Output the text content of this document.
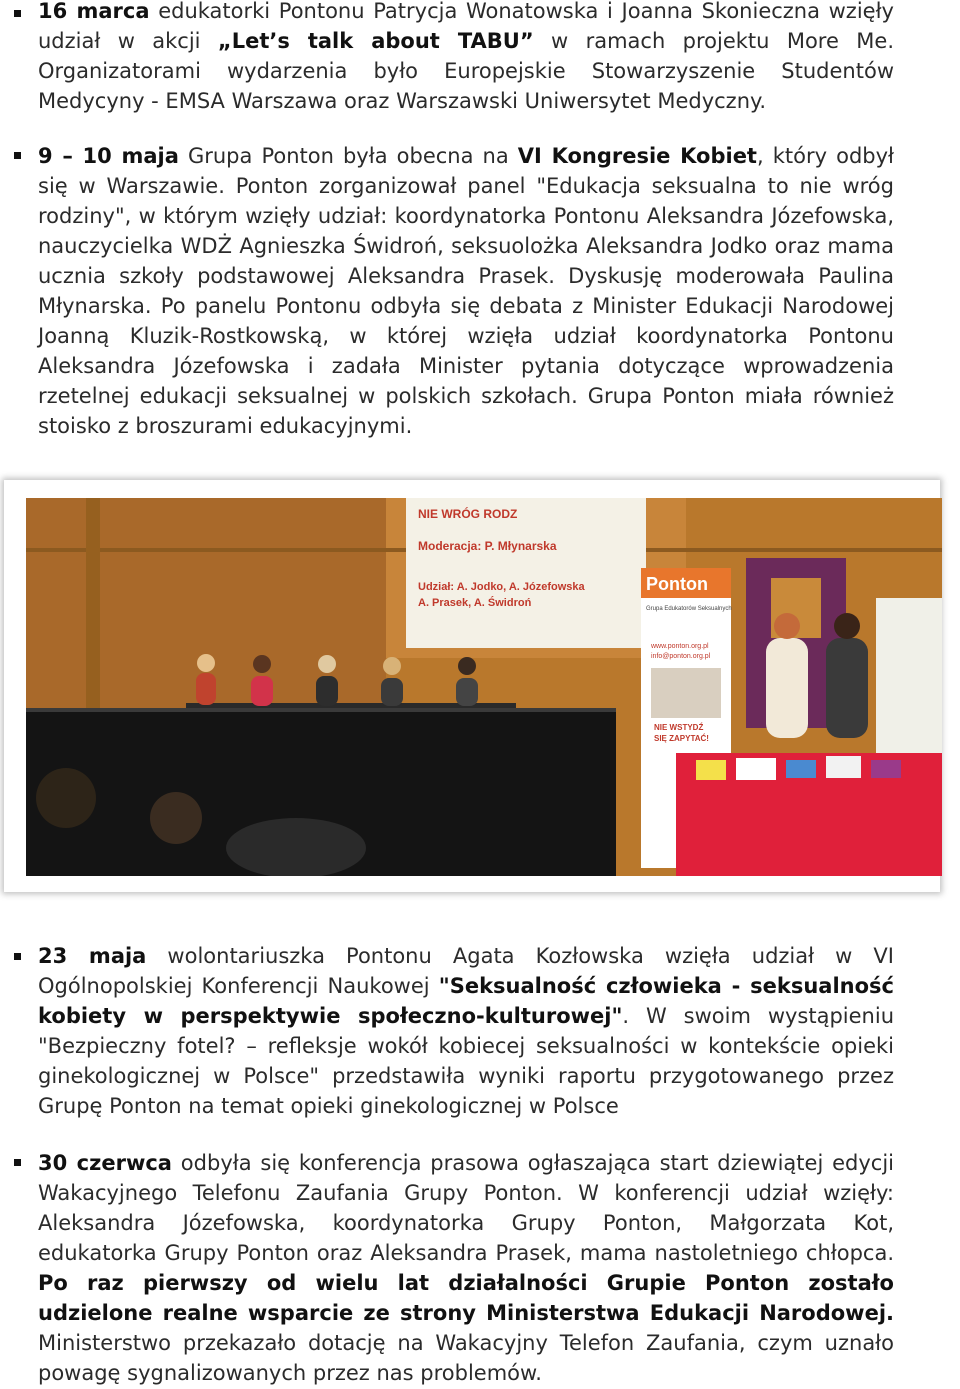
16 marca edukatorki Pontonu Patrycja Wonatowska i Joanna Skonieczna wzięły udział w akcji „Let’s talk about TABU” w ramach projektu More Me. Organizatorami wydarzenia było Europejskie Stowarzyszenie Studentów Medycyny - EMSA Warszawa oraz Warszawski Uniwersytet Medyczny.

9 – 10 maja Grupa Ponton była obecna na VI Kongresie Kobiet, który odbył się w Warszawie. Ponton zorganizował panel "Edukacja seksualna to nie wróg rodziny", w którym wzięły udział: koordynatorka Pontonu Aleksandra Józefowska, nauczycielka WDŻ Agnieszka Świdroń, seksuolożka Aleksandra Jodko oraz mama ucznia szkoły podstawowej Aleksandra Prasek. Dyskusję moderowała Paulina Młynarska. Po panelu Pontonu odbyła się debata z Minister Edukacji Narodowej Joanną Kluzik-Rostkowską, w której wzięła udział koordynatorka Pontonu Aleksandra Józefowska i zadała Minister pytania dotyczące wprowadzenia rzetelnej edukacji seksualnej w polskich szkołach. Grupa Ponton miała również stoisko z broszurami edukacyjnymi.

NIE WRÓG RODZ
Moderacja: P. Młynarska
Udział: A. Jodko, A. Józefowska
A. Prasek, A. Świdroń
Ponton
Grupa Edukatorów Seksualnych
www.ponton.org.pl
info@ponton.org.pl
NIE WSTYDŹ
SIĘ ZAPYTAĆ!

23 maja wolontariuszka Pontonu Agata Kozłowska wzięła udział w VI Ogólnopolskiej Konferencji Naukowej "Seksualność człowieka - seksualność kobiety w perspektywie społeczno-kulturowej". W swoim wystąpieniu "Bezpieczny fotel? – refleksje wokół kobiecej seksualności w kontekście opieki ginekologicznej w Polsce" przedstawiła wyniki raportu przygotowanego przez Grupę Ponton na temat opieki ginekologicznej w Polsce

30 czerwca odbyła się konferencja prasowa ogłaszająca start dziewiątej edycji Wakacyjnego Telefonu Zaufania Grupy Ponton. W konferencji udział wzięły: Aleksandra Józefowska, koordynatorka Grupy Ponton, Małgorzata Kot, edukatorka Grupy Ponton oraz Aleksandra Prasek, mama nastoletniego chłopca. Po raz pierwszy od wielu lat działalności Grupie Ponton zostało udzielone realne wsparcie ze strony Ministerstwa Edukacji Narodowej. Ministerstwo przekazało dotację na Wakacyjny Telefon Zaufania, czym uznało powagę sygnalizowanych przez nas problemów.
